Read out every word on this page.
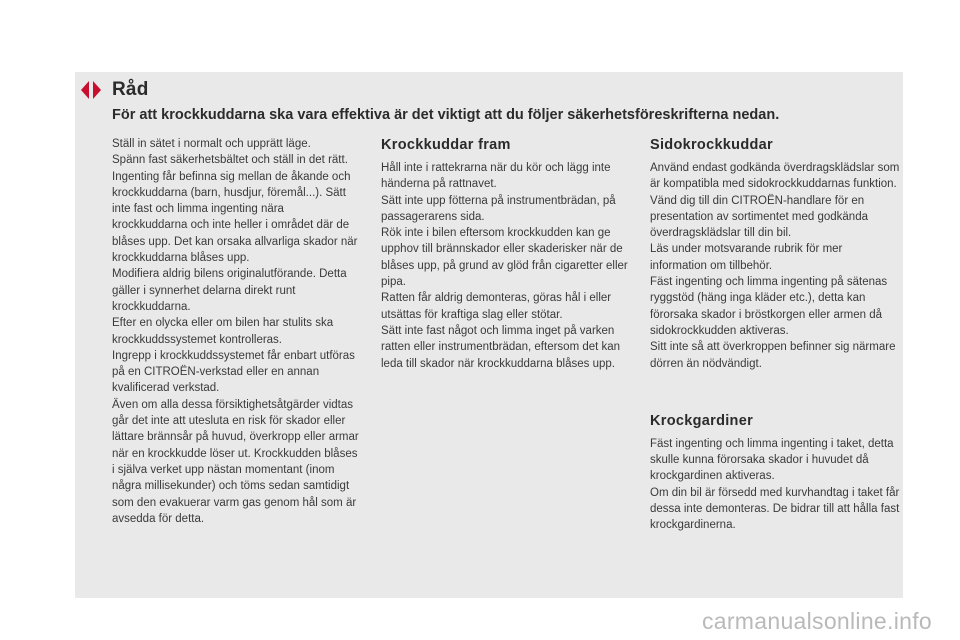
Råd
För att krockkuddarna ska vara effektiva är det viktigt att du följer säkerhetsföreskrifterna nedan.

Ställ in sätet i normalt och upprätt läge.

Spänn fast säkerhetsbältet och ställ in det rätt.

Ingenting får befinna sig mellan de åkande och krockkuddarna (barn, husdjur, föremål...). Sätt inte fast och limma ingenting nära krockkuddarna och inte heller i området där de blåses upp. Det kan orsaka allvarliga skador när krockkuddarna blåses upp.

Modifiera aldrig bilens originalutförande. Detta gäller i synnerhet delarna direkt runt krockkuddarna.

Efter en olycka eller om bilen har stulits ska krockkuddssystemet kontrolleras.

Ingrepp i krockkuddssystemet får enbart utföras på en CITROËN-verkstad eller en annan kvalificerad verkstad.

Även om alla dessa försiktighetsåtgärder vidtas går det inte att utesluta en risk för skador eller lättare brännsår på huvud, överkropp eller armar när en krockkudde löser ut. Krockkudden blåses i själva verket upp nästan momentant (inom några millisekunder) och töms sedan samtidigt som den evakuerar varm gas genom hål som är avsedda för detta.

Krockkuddar fram

Håll inte i rattekrarna när du kör och lägg inte händerna på rattnavet.

Sätt inte upp fötterna på instrumentbrädan, på passagerarens sida.

Rök inte i bilen eftersom krockkudden kan ge upphov till brännskador eller skaderisker när de blåses upp, på grund av glöd från cigaretter eller pipa.

Ratten får aldrig demonteras, göras hål i eller utsättas för kraftiga slag eller stötar.

Sätt inte fast något och limma inget på varken ratten eller instrumentbrädan, eftersom det kan leda till skador när krockkuddarna blåses upp.

Sidokrockkuddar

Använd endast godkända överdragsklädslar som är kompatibla med sidokrockkuddarnas funktion. Vänd dig till din CITROËN-handlare för en presentation av sortimentet med godkända överdragsklädslar till din bil.

Läs under motsvarande rubrik för mer information om tillbehör.

Fäst ingenting och limma ingenting på sätenas ryggstöd (häng inga kläder etc.), detta kan förorsaka skador i bröstkorgen eller armen då sidokrockkudden aktiveras.

Sitt inte så att överkroppen befinner sig närmare dörren än nödvändigt.

Krockgardiner

Fäst ingenting och limma ingenting i taket, detta skulle kunna förorsaka skador i huvudet då krockgardinen aktiveras.

Om din bil är försedd med kurvhandtag i taket får dessa inte demonteras. De bidrar till att hålla fast krockgardinerna.

carmanualsonline.info
